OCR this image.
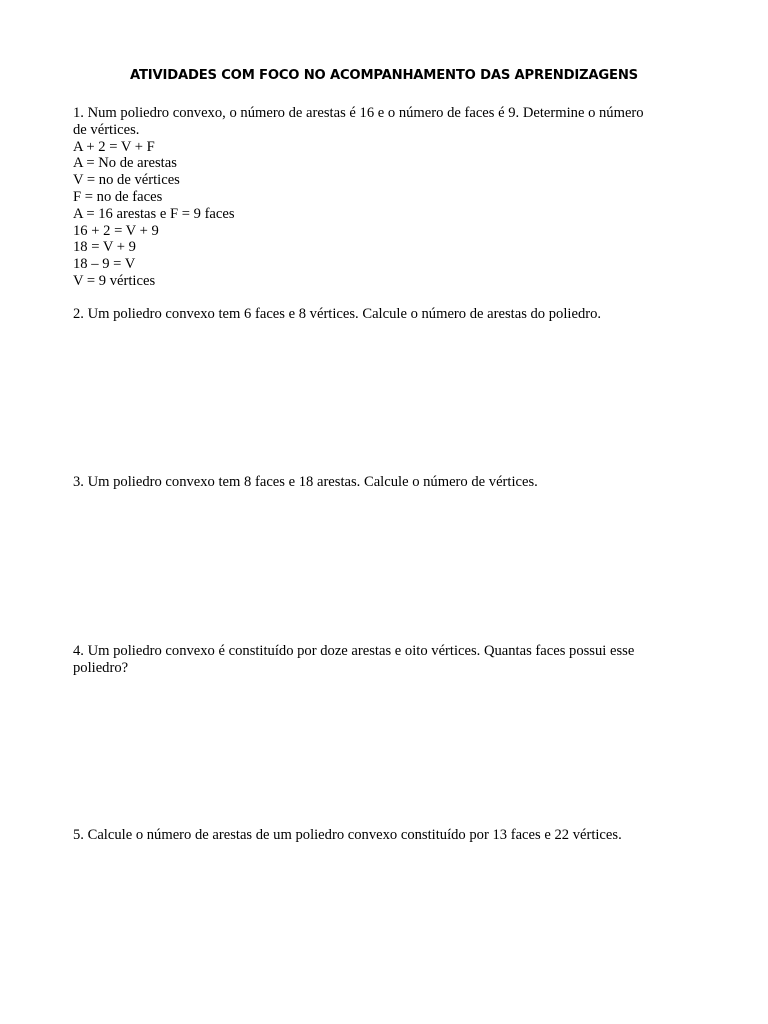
ATIVIDADES COM FOCO NO ACOMPANHAMENTO DAS APRENDIZAGENS

1. Num poliedro convexo, o número de arestas é 16 e o número de faces é 9. Determine o número

de vértices.

A + 2 = V + F

A = No de arestas

V = no de vértices

F = no de faces

A = 16 arestas e F = 9 faces

16 + 2 = V + 9

18 = V + 9

18 – 9 = V

V = 9 vértices

2. Um poliedro convexo tem 6 faces e 8 vértices. Calcule o número de arestas do poliedro.

3. Um poliedro convexo tem 8 faces e 18 arestas. Calcule o número de vértices.

4. Um poliedro convexo é constituído por doze arestas e oito vértices. Quantas faces possui esse

poliedro?

5. Calcule o número de arestas de um poliedro convexo constituído por 13 faces e 22 vértices.
